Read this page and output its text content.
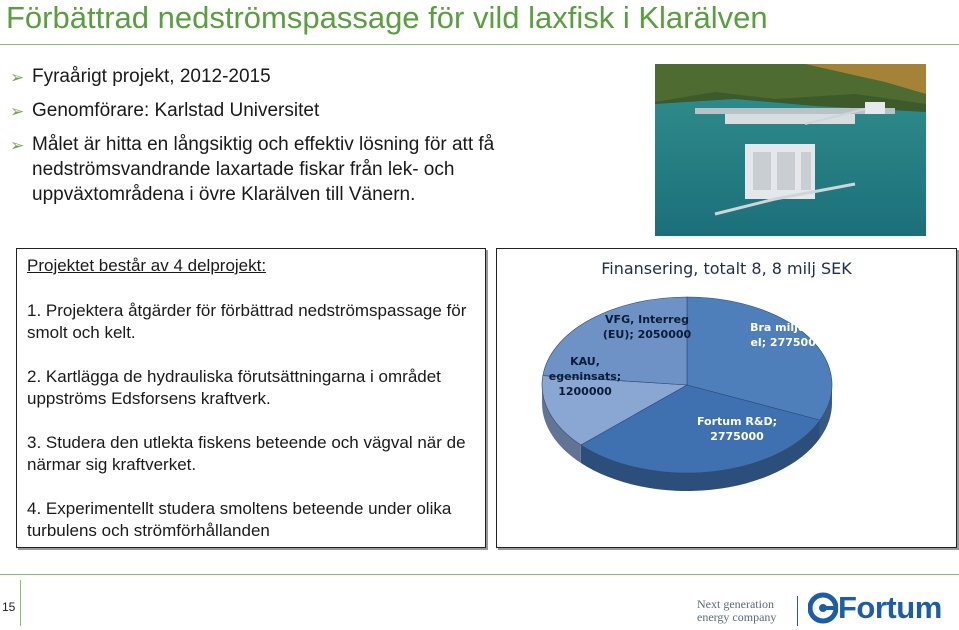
Förbättrad nedströmspassage för vild laxfisk i Klarälven
➢ Fyraårigt projekt, 2012-2015
➢ Genomförare: Karlstad Universitet
➢ Målet är hitta en långsiktig och effektiv lösning för att få nedströmsvandrande laxartade fiskar från lek- och uppväxtområdena i övre Klarälven till Vänern.
Projektet består av 4 delprojekt:
1. Projektera åtgärder för förbättrad nedströmspassage för smolt och kelt.
2. Kartlägga de hydrauliska förutsättningarna i området uppströms Edsforsens kraftverk.
3. Studera den utlekta fiskens beteende och vägval när de närmar sig kraftverket.
4. Experimentellt studera smoltens beteende under olika turbulens och strömförhållanden
Finansering, totalt 8, 8 milj SEK
Bra miljöval
el; 2775000
Fortum R&D;
2775000
KAU,
egeninsats;
1200000
VFG, Interreg
(EU); 2050000
15	Next generation
energy company Fortum
